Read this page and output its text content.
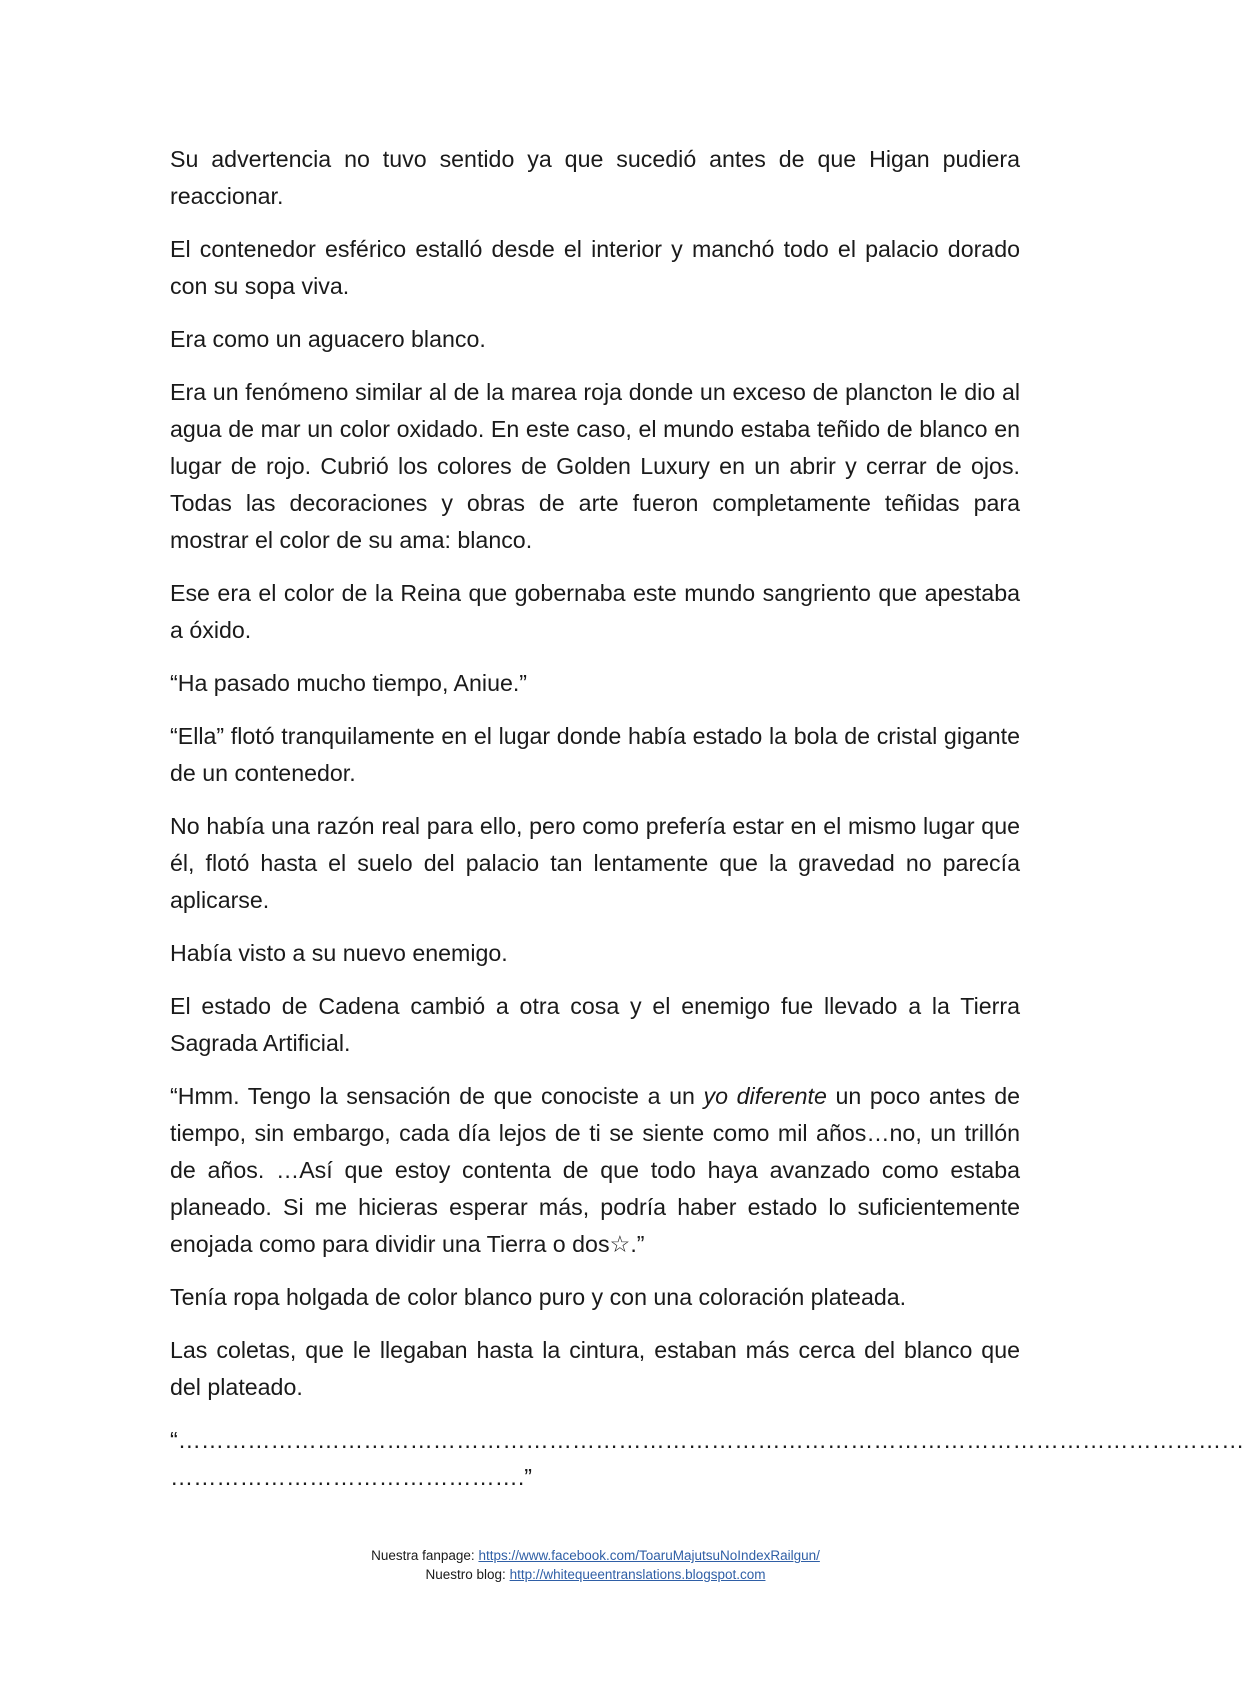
Su advertencia no tuvo sentido ya que sucedió antes de que Higan pudiera reaccionar.

El contenedor esférico estalló desde el interior y manchó todo el palacio dorado con su sopa viva.

Era como un aguacero blanco.

Era un fenómeno similar al de la marea roja donde un exceso de plancton le dio al agua de mar un color oxidado. En este caso, el mundo estaba teñido de blanco en lugar de rojo. Cubrió los colores de Golden Luxury en un abrir y cerrar de ojos. Todas las decoraciones y obras de arte fueron completamente teñidas para mostrar el color de su ama: blanco.

Ese era el color de la Reina que gobernaba este mundo sangriento que apestaba a óxido.

“Ha pasado mucho tiempo, Aniue.”

“Ella” flotó tranquilamente en el lugar donde había estado la bola de cristal gigante de un contenedor.

No había una razón real para ello, pero como prefería estar en el mismo lugar que él, flotó hasta el suelo del palacio tan lentamente que la gravedad no parecía aplicarse.

Había visto a su nuevo enemigo.

El estado de Cadena cambió a otra cosa y el enemigo fue llevado a la Tierra Sagrada Artificial.

“Hmm. Tengo la sensación de que conociste a un yo diferente un poco antes de tiempo, sin embargo, cada día lejos de ti se siente como mil años…no, un trillón de años. …Así que estoy contenta de que todo haya avanzado como estaba planeado. Si me hicieras esperar más, podría haber estado lo suficientemente enojada como para dividir una Tierra o dos☆.”

Tenía ropa holgada de color blanco puro y con una coloración plateada.

Las coletas, que le llegaban hasta la cintura, estaban más cerca del blanco que del plateado.

“…………………………………………………………………………………………………………………………
……………………………………….”
Nuestra fanpage: https://www.facebook.com/ToaruMajutsuNoIndexRailgun/
Nuestro blog: http://whitequeentranslations.blogspot.com
